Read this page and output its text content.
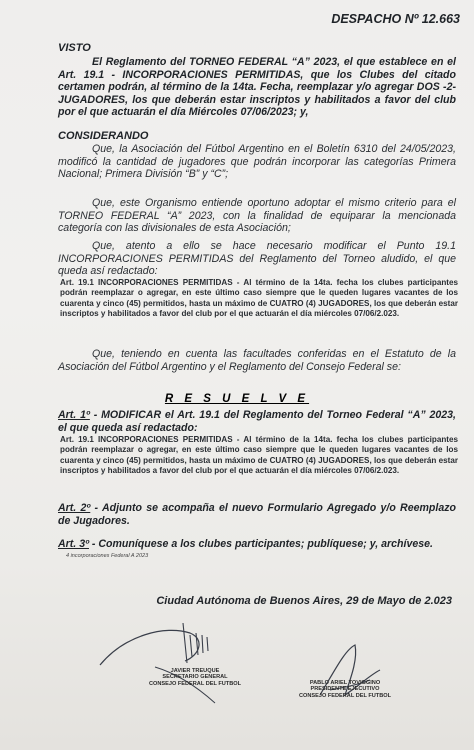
DESPACHO Nº 12.663
VISTO

El Reglamento del TORNEO FEDERAL “A” 2023, el que establece en el Art. 19.1 - INCORPORACIONES PERMITIDAS, que los Clubes del citado certamen podrán, al término de la 14ta. Fecha, reemplazar y/o agregar DOS -2- JUGADORES, los que deberán estar inscriptos y habilitados a favor del club por el que actuarán el día Miércoles 07/06/2023; y,

CONSIDERANDO

Que, la Asociación del Fútbol Argentino en el Boletín 6310 del 24/05/2023, modificó la cantidad de jugadores que podrán incorporar las categorías Primera Nacional; Primera División “B” y “C”;

Que, este Organismo entiende oportuno adoptar el mismo criterio para el TORNEO FEDERAL “A” 2023, con la finalidad de equiparar la mencionada categoría con las divisionales de esta Asociación;

Que, atento a ello se hace necesario modificar el Punto 19.1 INCORPORACIONES PERMITIDAS del Reglamento del Torneo aludido, el que queda así redactado:

Art. 19.1 INCORPORACIONES PERMITIDAS - Al término de la 14ta. fecha los clubes participantes podrán reemplazar o agregar, en este último caso siempre que le queden lugares vacantes de los cuarenta y cinco (45) permitidos, hasta un máximo de CUATRO (4) JUGADORES, los que deberán estar inscriptos y habilitados a favor del club por el que actuarán el día miércoles 07/06/2.023.

Que, teniendo en cuenta las facultades conferidas en el Estatuto de la Asociación del Fútbol Argentino y el Reglamento del Consejo Federal se:

R E S U E L V E

Art. 1º - MODIFICAR el Art. 19.1 del Reglamento del Torneo Federal “A” 2023, el que queda así redactado:

Art. 19.1 INCORPORACIONES PERMITIDAS - Al término de la 14ta. fecha los clubes participantes podrán reemplazar o agregar, en este último caso siempre que le queden lugares vacantes de los cuarenta y cinco (45) permitidos, hasta un máximo de CUATRO (4) JUGADORES, los que deberán estar inscriptos y habilitados a favor del club por el que actuarán el día miércoles 07/06/2.023.

Art. 2º - Adjunto se acompaña el nuevo Formulario Agregado y/o Reemplazo de Jugadores.

Art. 3º - Comuníquese a los clubes participantes; publíquese; y, archívese.

4 incorporaciones Federal A 2023
Ciudad Autónoma de Buenos Aires, 29 de Mayo de 2.023
JAVIER TREUQUE
SECRETARIO GENERAL
CONSEJO FEDERAL DEL FUTBOL	PABLO ARIEL TOVIGGINO
PRESIDENTE EJECUTIVO
CONSEJO FEDERAL DEL FUTBOL
